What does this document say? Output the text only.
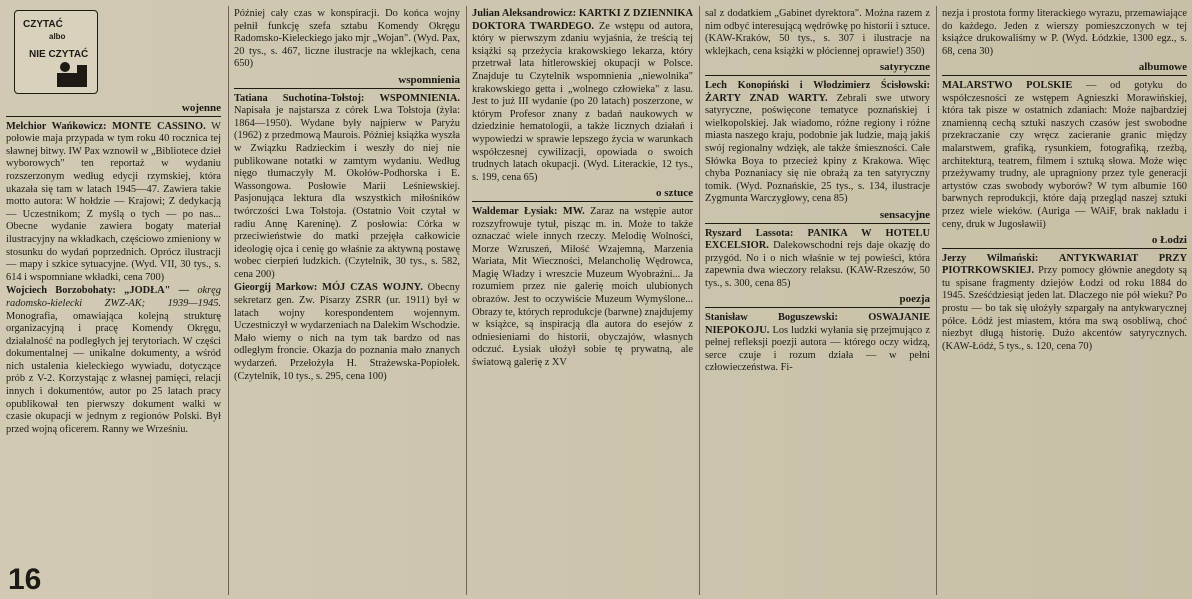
CZYTAĆ
albo
NIE CZYTAĆ
wojenne

Melchior Wańkowicz: MONTE CASSINO. W połowie maja przypada w tym roku 40 rocznica tej sławnej bitwy. IW Pax wznowił w „Bibliotece dzieł wyborowych" ten reportaż w wydaniu rozszerzonym według edycji rzymskiej, która ukazała się tam w latach 1945—47. Zawiera takie motto autora: W hołdzie — Krajowi; Z dedykacją — Uczestnikom; Z myślą o tych — po nas... Obecne wydanie zawiera bogaty materiał ilustracyjny na wkładkach, częściowo zmieniony w stosunku do wydań poprzednich. Oprócz ilustracji — mapy i szkice sytuacyjne. (Wyd. VII, 30 tys., s. 614 i wspomniane wkładki, cena 700)

Wojciech Borzobohaty: „JODŁA" — okręg radomsko-kielecki ZWZ-AK; 1939—1945. Monografia, omawiająca kolejną strukturę organizacyjną i pracę Komendy Okręgu, działalność na podległych jej terytoriach. W części dokumentalnej — unikalne dokumenty, a wśród nich ustalenia kieleckiego wywiadu, dotyczące prób z V-2. Korzystając z własnej pamięci, relacji innych i dokumentów, autor po 25 latach pracy opublikował ten pierwszy dokument walki w czasie okupacji w jednym z regionów Polski. Był przed wojną oficerem. Ranny we Wrześniu.

16

Później cały czas w konspiracji. Do końca wojny pełnił funkcję szefa sztabu Komendy Okręgu Radomsko-Kieleckiego jako mjr „Wojan". (Wyd. Pax, 20 tys., s. 467, liczne ilustracje na wklejkach, cena 650)

wspomnienia

Tatiana Suchotina-Tołstoj: WSPOMNIENIA. Napisała je najstarsza z córek Lwa Tołstoja (żyła: 1864—1950). Wydane były najpierw w Paryżu (1962) z przedmową Maurois. Później książka wyszła w Związku Radzieckim i weszły do niej nie publikowane notatki w zamtym wydaniu. Według nięgo tłumaczyły M. Okołów-Podhorska i E. Wassongowa. Posłowie Marii Leśniewskiej. Pasjonująca lektura dla wszystkich miłośników twórczości Lwa Tołstoja. (Ostatnio Voit czytał w radiu Annę Kareninę). Z posłowia: Córka w przeciwieństwie do matki przejęła całkowicie ideologię ojca i cenię go właśnie za aktywną postawę wobec cierpień ludzkich. (Czytelnik, 30 tys., s. 582, cena 200)

Gieorgij Markow: MÓJ CZAS WOJNY. Obecny sekretarz gen. Zw. Pisarzy ZSRR (ur. 1911) był w latach wojny korespondentem wojennym. Uczestniczył w wydarzeniach na Dalekim Wschodzie. Mało wiemy o nich na tym tak bardzo od nas odległym froncie. Okazja do poznania mało znanych wydarzeń. Przełożyła H. Strażewska-Popiołek. (Czytelnik, 10 tys., s. 295, cena 100)

Julian Aleksandrowicz: KARTKI Z DZIENNIKA DOKTORA TWARDEGO. Ze wstępu od autora, który w pierwszym zdaniu wyjaśnia, że treścią tej książki są przeżycia krakowskiego lekarza, który przetrwał lata hitlerowskiej okupacji w Polsce. Znajduje tu Czytelnik wspomnienia „niewolnika" krakowskiego getta i „wolnego człowieka" z lasu. Jest to już III wydanie (po 20 latach) poszerzone, w którym Profesor znany z badań naukowych w dziedzinie hematologii, a także licznych działań i wypowiedzi w sprawie lepszego życia w warunkach współczesnej cywilizacji, opowiada o swoich trudnych latach okupacji. (Wyd. Literackie, 12 tys., s. 199, cena 65)

o sztuce

Waldemar Łysiak: MW. Zaraz na wstępie autor rozszyfrowuje tytuł, pisząc m. in. Może to także oznaczać wiele innych rzeczy. Melodię Wolności, Morze Wzruszeń, Miłość Wzajemną, Marzenia Wariata, Mit Wieczności, Melancholię Wędrowca, Magię Władzy i wreszcie Muzeum Wyobraźni... Ja rozumiem przez nie galerię moich ulubionych obrazów. Jest to oczywiście Muzeum Wymyślone... Obrazy te, których reprodukcje (barwne) znajdujemy w książce, są inspiracją dla autora do esejów z odniesieniami do historii, obyczajów, własnych odczuć. Łysiak ułożył sobie tę prywatną, ale światową galerię z XV

sal z dodatkiem „Gabinet dyrektora". Można razem z nim odbyć interesującą wędrówkę po historii i sztuce. (KAW-Kraków, 50 tys., s. 307 i ilustracje na wklejkach, cena książki w płóciennej oprawie!) 350)

satyryczne

Lech Konopiński i Włodzimierz Ścisłowski: ŻARTY ZNAD WARTY. Zebrali swe utwory satyryczne, poświęcone tematyce poznańskiej i wielkopolskiej. Jak wiadomo, różne regiony i różne miasta naszego kraju, podobnie jak ludzie, mają jakiś swój regionalny wdzięk, ale także śmieszności. Całe Słówka Boya to przecież kpiny z Krakowa. Więc chyba Poznaniacy się nie obrażą za ten satyryczny tomik. (Wyd. Poznańskie, 25 tys., s. 134, ilustracje Zygmunta Warczygłowy, cena 85)

sensacyjne

Ryszard Lassota: PANIKA W HOTELU EXCELSIOR. Dalekowschodni rejs daje okazję do przygód. No i o nich właśnie w tej powieści, która zapewnia dwa wieczory relaksu. (KAW-Rzeszów, 50 tys., s. 300, cena 85)

poezja

Stanisław Boguszewski:	OSWAJANIE NIEPOKOJU. Los ludzki wyłania się przejmująco z pełnej refleksji poezji autora — którego oczy widzą, serce czuje i rozum działa — w pełni człowieczeństwa. Fi-

nezja i prostota formy literackiego wyrazu, przemawiające do każdego. Jeden z wierszy pomieszczonych w tej książce drukowaliśmy w P. (Wyd. Łódzkie, 1300 egz., s. 68, cena 30)

albumowe

MALARSTWO POLSKIE — od gotyku do współczesności ze wstępem Agnieszki Morawińskiej, która tak pisze w ostatnich zdaniach: Może najbardziej znamienną cechą sztuki naszych czasów jest swobodne przekraczanie czy wręcz zacieranie granic między malarstwem, grafiką, rysunkiem, fotografiką, rzeźbą, architekturą, teatrem, filmem i sztuką słowa. Może więc przeżywamy trudny, ale upragniony przez tyle generacji artystów czas swobody wyborów? W tym albumie 160 barwnych reprodukcji, które dają przegląd naszej sztuki przez wiele wieków. (Auriga — WAiF, brak nakładu i ceny, druk w Jugosławii)

o Łodzi

Jerzy Wilmański: ANTYKWARIAT PRZY PIOTRKOWSKIEJ. Przy pomocy głównie anegdoty są tu spisane fragmenty dziejów Łodzi od roku 1884 do 1945. Sześćdziesiąt jeden lat. Dlaczego nie pół wieku? Po prostu — bo tak się ułożyły szpargały na antykwarycznej półce. Łódź jest miastem, która ma swą osobliwą, choć niezbyt długą historię. Dużo akcentów satyrycznych. (KAW-Łódź, 5 tys., s. 120, cena 70)
